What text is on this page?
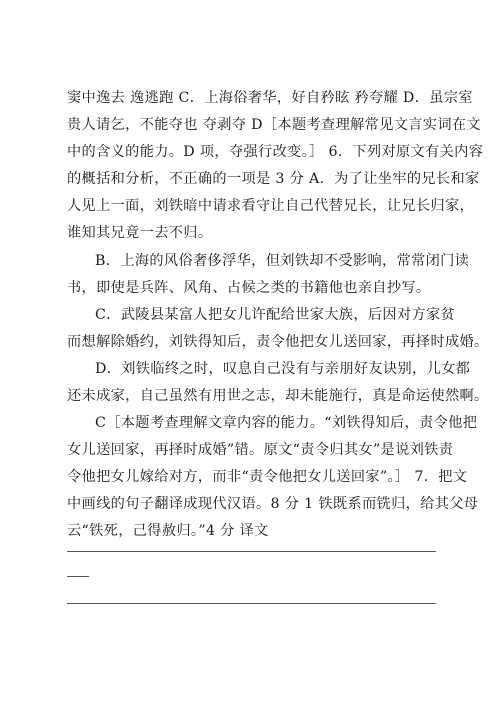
窦中逸去 逸逃跑 C．上海俗奢华，好自矜眩 矜夸耀 D．虽宗室
贵人请乞，不能夺也 夺剥夺 D［本题考查理解常见文言实词在文
中的含义的能力。D 项，夺强行改变。］ 6．下列对原文有关内容
的概括和分析，不正确的一项是 3 分 A．为了让坐牢的兄长和家
人见上一面，刘铁暗中请求看守让自己代替兄长，让兄长归家，
谁知其兄竟一去不归。
B．上海的风俗奢侈浮华，但刘铁却不受影响，常常闭门读
书，即使是兵阵、风角、占候之类的书籍他也亲自抄写。
C．武陵县某富人把女儿许配给世家大族，后因对方家贫
而想解除婚约，刘铁得知后，责令他把女儿送回家，再择时成婚。
D．刘铁临终之时，叹息自己没有与亲朋好友诀别，儿女都
还未成家，自己虽然有用世之志，却未能施行，真是命运使然啊。
C［本题考查理解文章内容的能力。“刘铁得知后，责令他把
女儿送回家，再择时成婚”错。原文“责令归其女”是说刘铁责
令他把女儿嫁给对方，而非“责令他把女儿送回家”。］ 7．把文
中画线的句子翻译成现代汉语。8 分 1 铁既系而铣归，给其父母
云“铁死，己得赦归。”4 分 译文
